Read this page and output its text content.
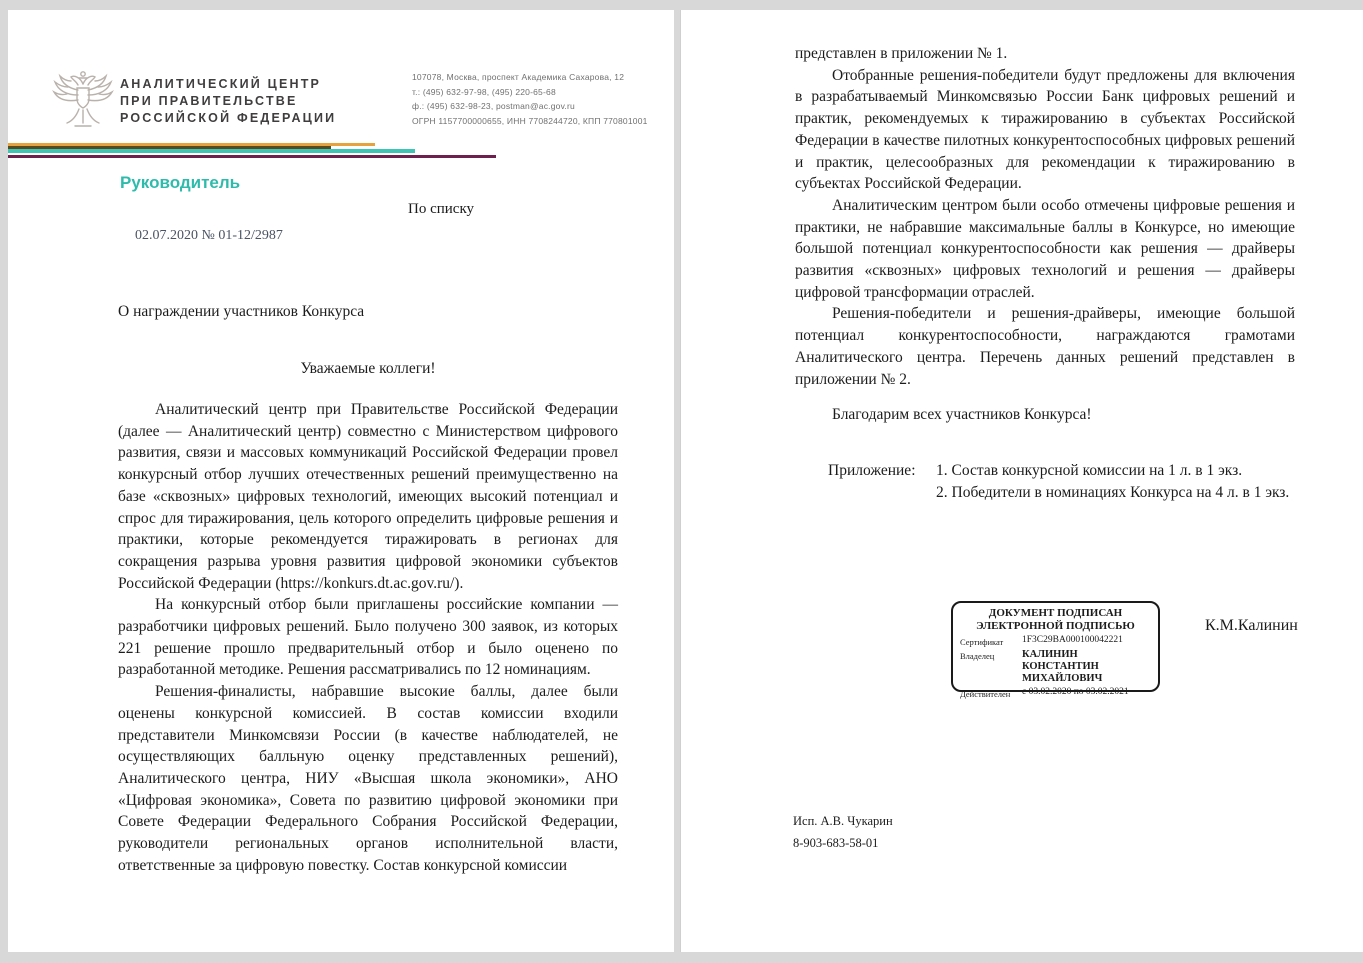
АНАЛИТИЧЕСКИЙ ЦЕНТР
ПРИ ПРАВИТЕЛЬСТВЕ
РОССИЙСКОЙ ФЕДЕРАЦИИ
107078, Москва, проспект Академика Сахарова, 12
т.: (495) 632-97-98, (495) 220-65-68
ф.: (495) 632-98-23, postman@ac.gov.ru
ОГРН 1157700000655, ИНН 7708244720, КПП 770801001
Руководитель
По списку
02.07.2020 № 01-12/2987
О награждении участников Конкурса
Уважаемые коллеги!

Аналитический центр при Правительстве Российской Федерации (далее — Аналитический центр) совместно с Министерством цифрового развития, связи и массовых коммуникаций Российской Федерации провел конкурсный отбор лучших отечественных решений преимущественно на базе «сквозных» цифровых технологий, имеющих высокий потенциал и спрос для тиражирования, цель которого определить цифровые решения и практики, которые рекомендуется тиражировать в регионах для сокращения разрыва уровня развития цифровой экономики субъектов Российской Федерации (https://konkurs.dt.ac.gov.ru/).

На конкурсный отбор были приглашены российские компании — разработчики цифровых решений. Было получено 300 заявок, из которых 221 решение прошло предварительный отбор и было оценено по разработанной методике. Решения рассматривались по 12 номинациям.

Решения-финалисты, набравшие высокие баллы, далее были оценены конкурсной комиссией. В состав комиссии входили представители Минкомсвязи России (в качестве наблюдателей, не осуществляющих балльную оценку представленных решений), Аналитического центра, НИУ «Высшая школа экономики», АНО «Цифровая экономика», Совета по развитию цифровой экономики при Совете Федерации Федерального Собрания Российской Федерации, руководители региональных органов исполнительной власти, ответственные за цифровую повестку. Состав конкурсной комиссии

представлен в приложении № 1.

Отобранные решения-победители будут предложены для включения в разрабатываемый Минкомсвязью России Банк цифровых решений и практик, рекомендуемых к тиражированию в субъектах Российской Федерации в качестве пилотных конкурентоспособных цифровых решений и практик, целесообразных для рекомендации к тиражированию в субъектах Российской Федерации.

Аналитическим центром были особо отмечены цифровые решения и практики, не набравшие максимальные баллы в Конкурсе, но имеющие большой потенциал конкурентоспособности как решения — драйверы развития «сквозных» цифровых технологий и решения — драйверы цифровой трансформации отраслей.

Решения-победители и решения-драйверы, имеющие большой потенциал конкурентоспособности, награждаются грамотами Аналитического центра. Перечень данных решений представлен в приложении № 2.

Благодарим всех участников Конкурса!

Приложение:	1. Состав конкурсной комиссии на 1 л. в 1 экз.
2. Победители в номинациях Конкурса на 4 л. в 1 экз.
ДОКУМЕНТ ПОДПИСАН
ЭЛЕКТРОННОЙ ПОДПИСЬЮ
Сертификат	1F3C29BA000100042221
Владелец	КАЛИНИН КОНСТАНТИН МИХАЙЛОВИЧ
Действителен	с 03.02.2020 по 03.02.2021
К.М.Калинин
Исп. А.В. Чукарин
8-903-683-58-01
